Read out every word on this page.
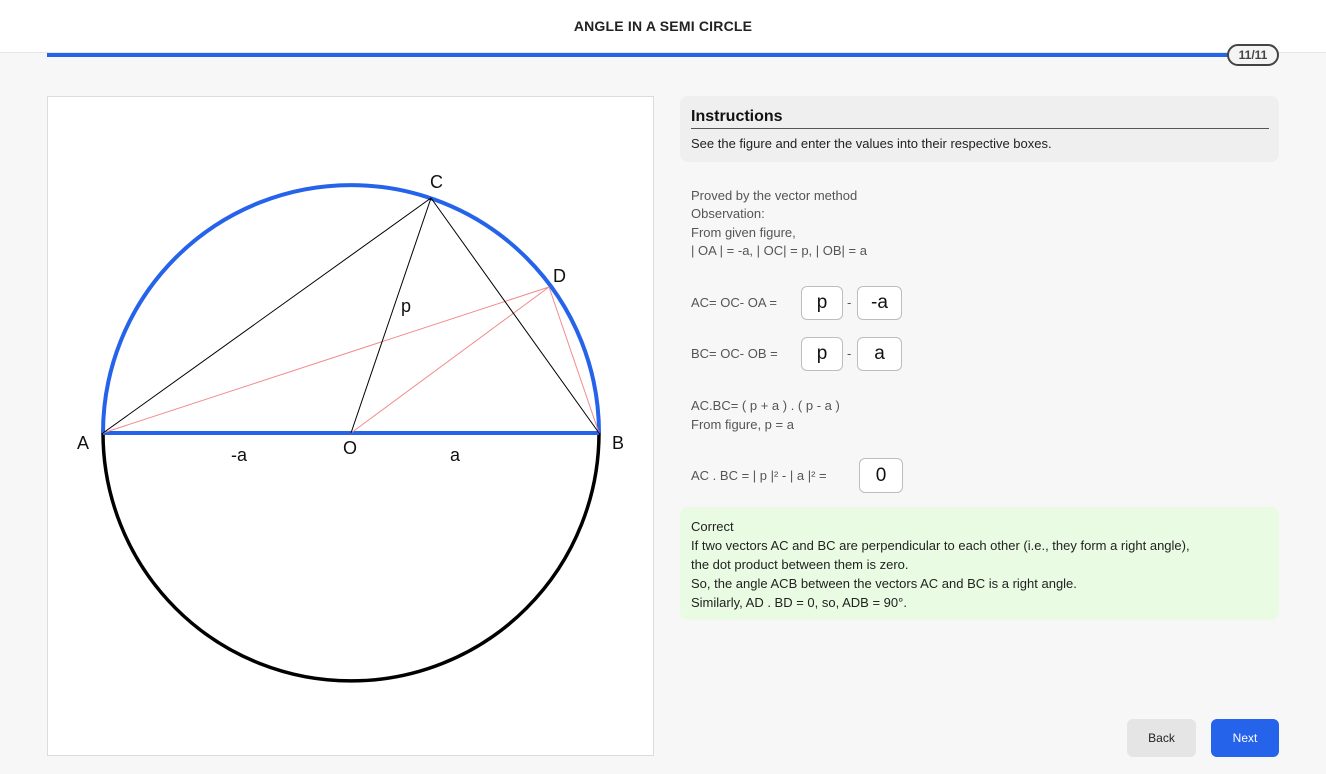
ANGLE IN A SEMI CIRCLE
11/11
A	B
C
D
O
-a	a
p
Instructions
See the figure and enter the values into their respective boxes.
Proved by the vector method
Observation:
From given figure,
| OA | = -a, | OC| = p, | OB| = a
AC= OC- OA =	p	-	-a
BC= OC- OB =	p	-	a
AC.BC= ( p + a ) . ( p - a )
From figure, p = a
AC . BC = | p |² - | a |² =	0
Correct
If two vectors AC and BC are perpendicular to each other (i.e., they form a right angle),
the dot product between them is zero.
So, the angle ACB between the vectors AC and BC is a right angle.
Similarly, AD . BD = 0, so, ADB = 90°.
Back	Next
